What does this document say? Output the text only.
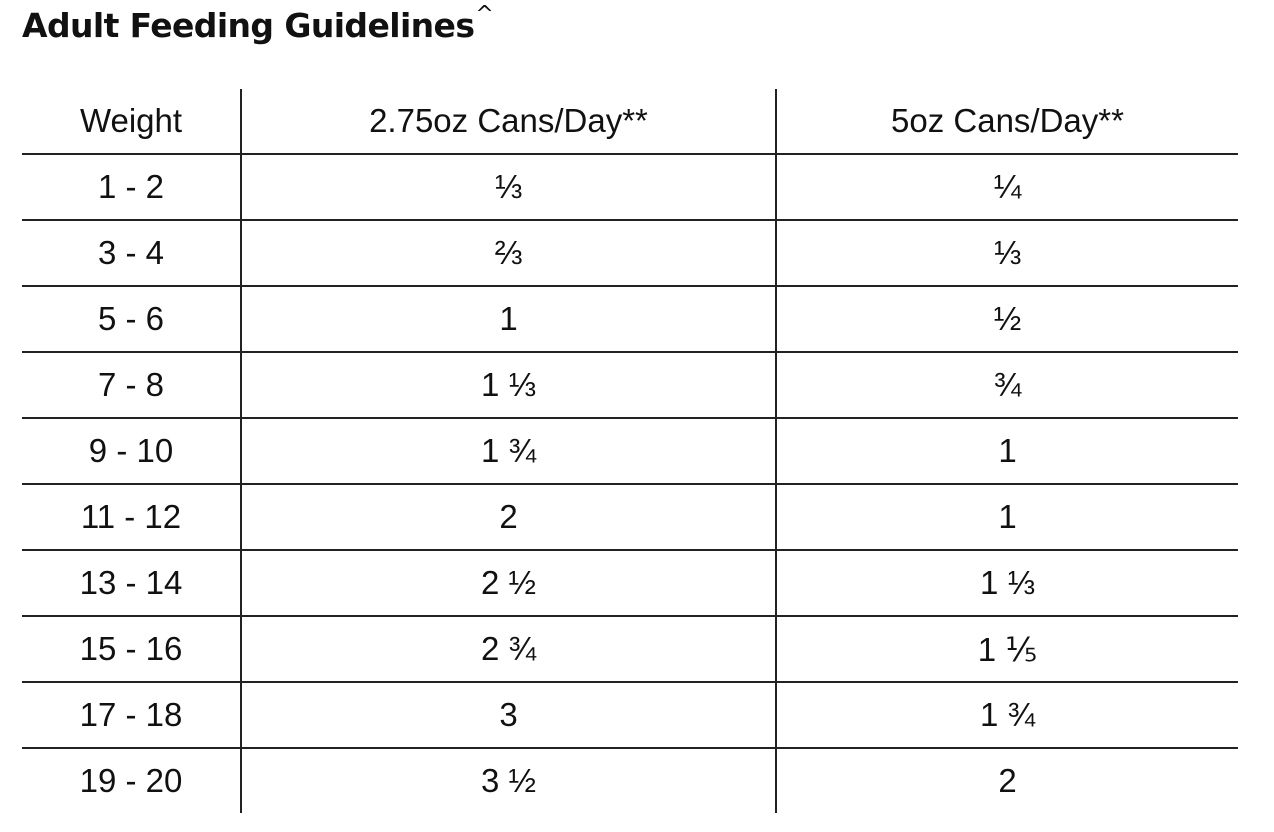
Adult Feeding Guidelines^
Weight	2.75oz Cans/Day**	5oz Cans/Day**
1 - 2	⅓	¼
3 - 4	⅔	⅓
5 - 6	1	½
7 - 8	1 ⅓	¾
9 - 10	1 ¾	1
11 - 12	2	1
13 - 14	2 ½	1 ⅓
15 - 16	2 ¾	1 ⅕
17 - 18	3	1 ¾
19 - 20	3 ½	2
